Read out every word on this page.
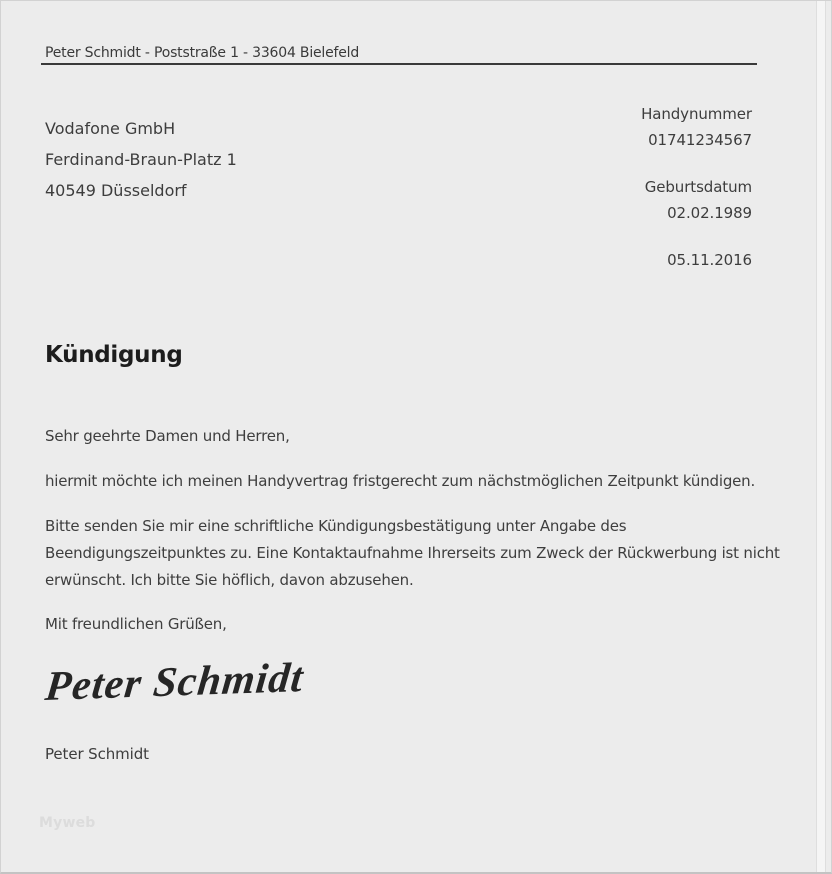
Peter Schmidt - Poststraße 1 - 33604 Bielefeld
Vodafone GmbH
Ferdinand-Braun-Platz 1
40549 Düsseldorf
Handynummer
01741234567
Geburtsdatum
02.02.1989
05.11.2016
Kündigung
Sehr geehrte Damen und Herren,
hiermit möchte ich meinen Handyvertrag fristgerecht zum nächstmöglichen Zeitpunkt kündigen.
Bitte senden Sie mir eine schriftliche Kündigungsbestätigung unter Angabe des
Beendigungszeitpunktes zu. Eine Kontaktaufnahme Ihrerseits zum Zweck der Rückwerbung ist nicht
erwünscht. Ich bitte Sie höflich, davon abzusehen.
Mit freundlichen Grüßen,
Peter Schmidt
Peter Schmidt
Myweb
